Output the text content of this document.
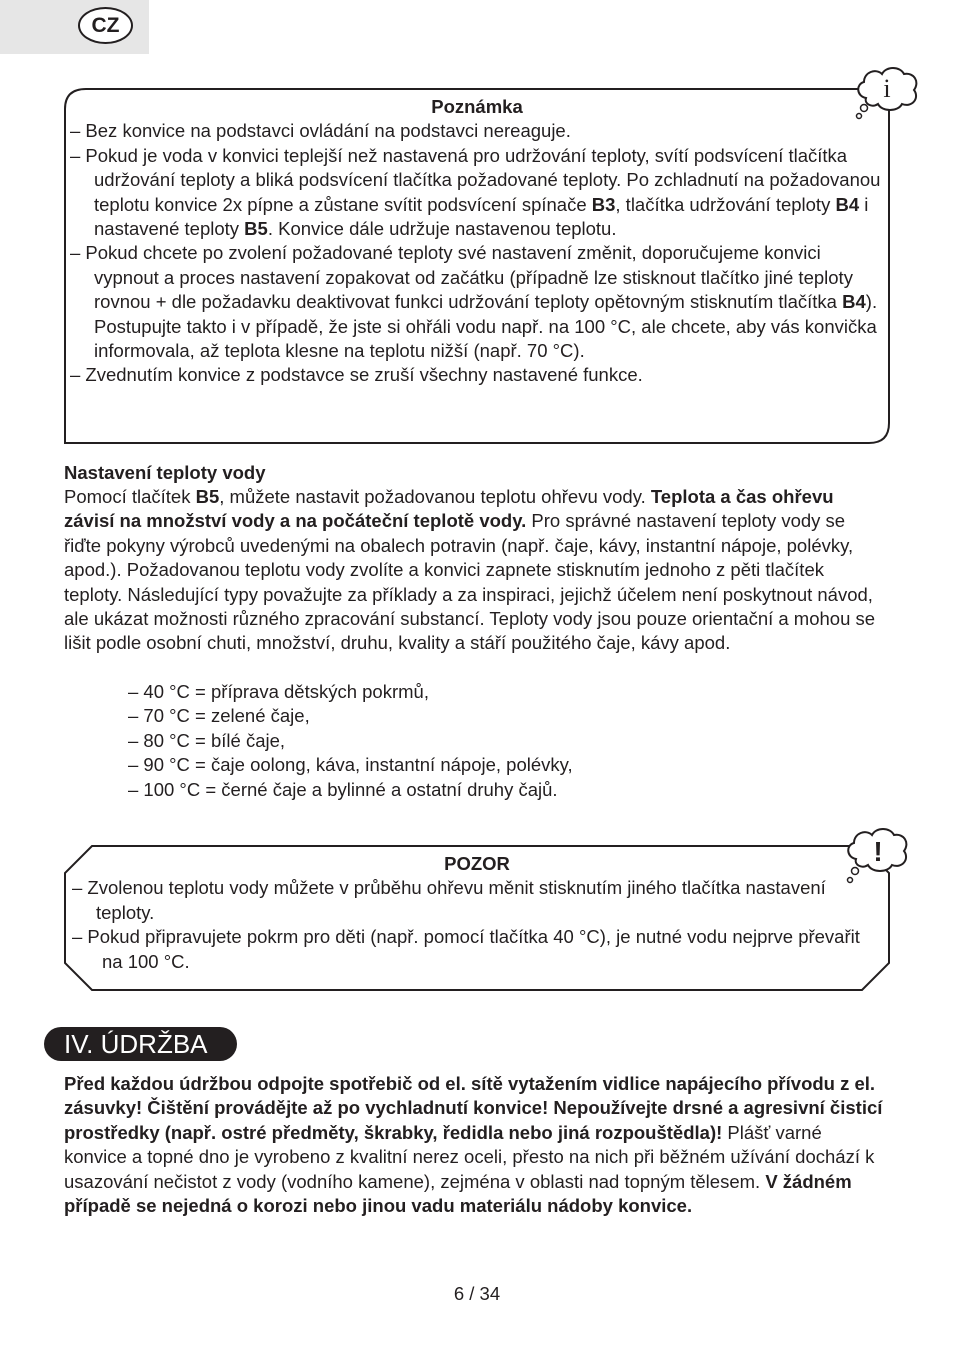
CZ

Poznámka

– Bez konvice na podstavci ovládání na podstavci nereaguje.

– Pokud je voda v konvici teplejší než nastavená pro udržování teploty, svítí podsvícení tlačítka udržování teploty a bliká podsvícení tlačítka požadované teploty. Po zchladnutí na požadovanou teplotu konvice 2x pípne a zůstane svítit podsvícení spínače B3, tlačítka udržování teploty B4 i nastavené teploty B5. Konvice dále udržuje nastavenou teplotu.

– Pokud chcete po zvolení požadované teploty své nastavení změnit, doporučujeme konvici vypnout a proces nastavení zopakovat od začátku (případně lze stisknout tlačítko jiné teploty rovnou + dle požadavku deaktivovat funkci udržování teploty opětovným stisknutím tlačítka B4). Postupujte takto i v případě, že jste si ohřáli vodu např. na 100 °C, ale chcete, aby vás konvička informovala, až teplota klesne na teplotu nižší (např. 70 °C).

– Zvednutím konvice z podstavce se zruší všechny nastavené funkce.

i
Nastavení teploty vody

Pomocí tlačítek B5, můžete nastavit požadovanou teplotu ohřevu vody. Teplota a čas ohřevu závisí na množství vody a na počáteční teplotě vody. Pro správné nastavení teploty vody se řiďte pokyny výrobců uvedenými na obalech potravin (např. čaje, kávy, instantní nápoje, polévky, apod.). Požadovanou teplotu vody zvolíte a konvici zapnete stisknutím jednoho z pěti tlačítek teploty. Následující typy považujte za příklady a za inspiraci, jejichž účelem není poskytnout návod, ale ukázat možnosti různého zpracování substancí. Teploty vody jsou pouze orientační a mohou se lišit podle osobní chuti, množství, druhu, kvality a stáří použitého čaje, kávy apod.

– 40 °C = příprava dětských pokrmů,
– 70 °C = zelené čaje,
– 80 °C = bílé čaje,
– 90 °C = čaje oolong, káva, instantní nápoje, polévky,
– 100 °C = černé čaje a bylinné a ostatní druhy čajů.

POZOR

– Zvolenou teplotu vody můžete v průběhu ohřevu měnit stisknutím jiného tlačítka nastavení teploty.

– Pokud připravujete pokrm pro děti (např. pomocí tlačítka 40 °C), je nutné vodu nejprve převařit na 100 °C.

!
IV. ÚDRŽBA

Před každou údržbou odpojte spotřebič od el. sítě vytažením vidlice napájecího přívodu z el. zásuvky! Čištění provádějte až po vychladnutí konvice! Nepoužívejte drsné a agresivní čisticí prostředky (např. ostré předměty, škrabky, ředidla nebo jiná rozpouštědla)! Plášť varné konvice a topné dno je vyrobeno z kvalitní nerez oceli, přesto na nich při běžném užívání dochází k usazování nečistot z vody (vodního kamene), zejména v oblasti nad topným tělesem. V žádném případě se nejedná o korozi nebo jinou vadu materiálu nádoby konvice.

6 / 34
